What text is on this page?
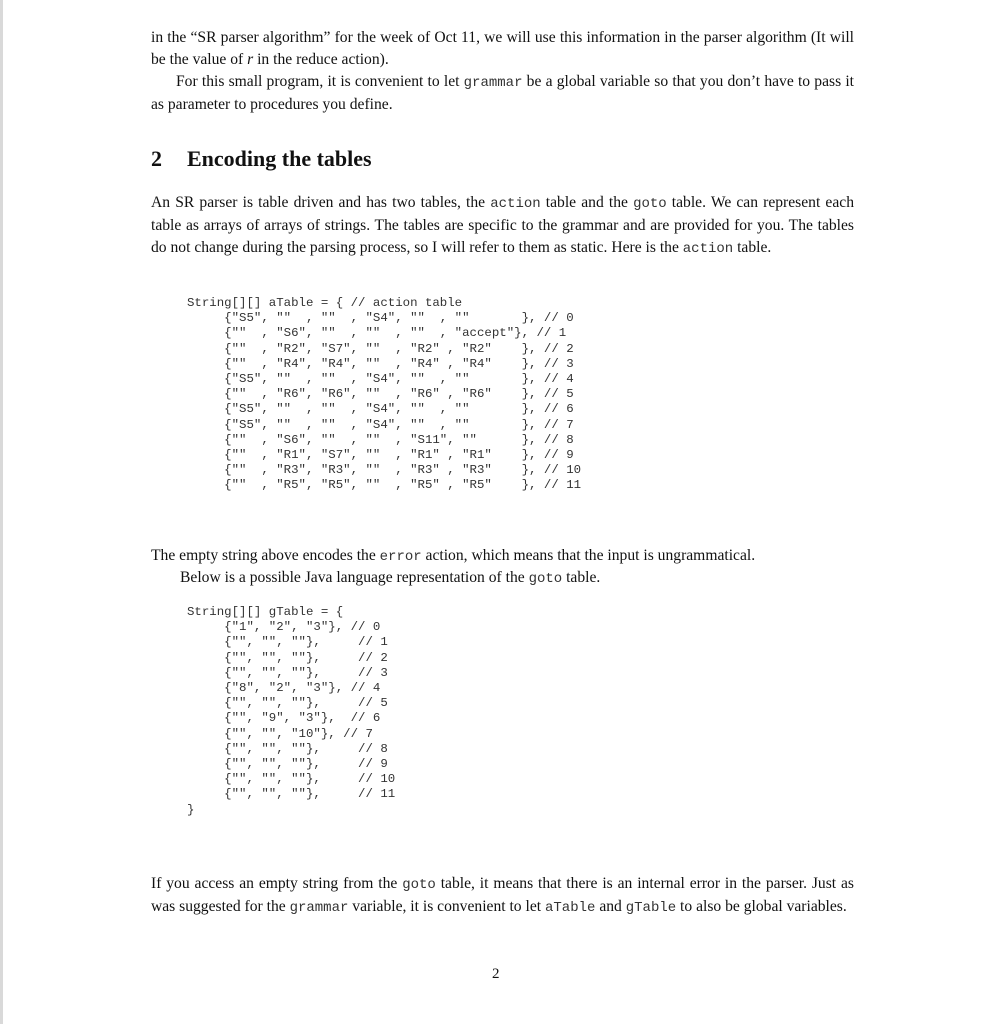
in the “SR parser algorithm” for the week of Oct 11, we will use this information in the parser algorithm (It will be the value of r in the reduce action).

For this small program, it is convenient to let grammar be a global variable so that you don’t have to pass it as parameter to procedures you define.

2 Encoding the tables

An SR parser is table driven and has two tables, the action table and the goto table. We can represent each table as arrays of arrays of strings. The tables are specific to the grammar and are provided for you. The tables do not change during the parsing process, so I will refer to them as static. Here is the action table.

String[][] aTable = { // action table
{"S5", ""  , ""  , "S4", ""  , ""       }, // 0
{""  , "S6", ""  , ""  , ""  , "accept"}, // 1
{""  , "R2", "S7", ""  , "R2" , "R2"    }, // 2
{""  , "R4", "R4", ""  , "R4" , "R4"    }, // 3
{"S5", ""  , ""  , "S4", ""  , ""       }, // 4
{""  , "R6", "R6", ""  , "R6" , "R6"    }, // 5
{"S5", ""  , ""  , "S4", ""  , ""       }, // 6
{"S5", ""  , ""  , "S4", ""  , ""       }, // 7
{""  , "S6", ""  , ""  , "S11", ""      }, // 8
{""  , "R1", "S7", ""  , "R1" , "R1"    }, // 9
{""  , "R3", "R3", ""  , "R3" , "R3"    }, // 10
{""  , "R5", "R5", ""  , "R5" , "R5"    }, // 11

The empty string above encodes the error action, which means that the input is ungrammatical.

Below is a possible Java language representation of the goto table.

String[][] gTable = {
{"1", "2", "3"}, // 0
{"", "", ""},     // 1
{"", "", ""},     // 2
{"", "", ""},     // 3
{"8", "2", "3"}, // 4
{"", "", ""},     // 5
{"", "9", "3"},  // 6
{"", "", "10"}, // 7
{"", "", ""},     // 8
{"", "", ""},     // 9
{"", "", ""},     // 10
{"", "", ""},     // 11
}

If you access an empty string from the goto table, it means that there is an internal error in the parser. Just as was suggested for the grammar variable, it is convenient to let aTable and gTable to also be global variables.

2
